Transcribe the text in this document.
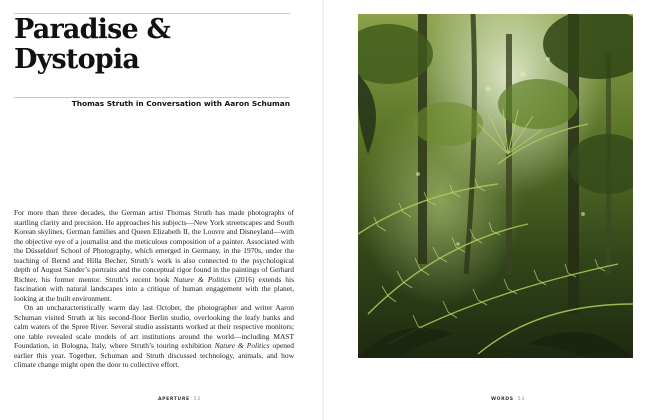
Paradise &
Dystopia
Thomas Struth in Conversation with Aaron Schuman

For more than three decades, the German artist Thomas Struth has made photographs of startling clarity and precision. He approaches his subjects—New York streetscapes and South Korean skylines, German families and Queen Elizabeth II, the Louvre and Disneyland—with the objective eye of a journalist and the meticulous composition of a painter. Associated with the Düsseldorf School of Photography, which emerged in Germany, in the 1970s, under the teaching of Bernd and Hilla Becher, Struth’s work is also connected to the psychological depth of August Sander’s portraits and the conceptual rigor found in the paintings of Gerhard Richter, his former mentor. Struth’s recent book Nature & Politics (2016) extends his fascination with natural landscapes into a critique of human engagement with the planet, looking at the built environment.

On an uncharacteristically warm day last October, the photographer and writer Aaron Schuman visited Struth at his second-floor Berlin studio, overlooking the leafy banks and calm waters of the Spree River. Several studio assistants worked at their respective monitors; one table revealed scale models of art institutions around the world—including MAST Foundation, in Bologna, Italy, where Struth’s touring exhibition Nature & Politics opened earlier this year. Together, Schuman and Struth discussed technology, animals, and how climate change might open the door to collective effort.

APERTURE 52	WORDS 53
